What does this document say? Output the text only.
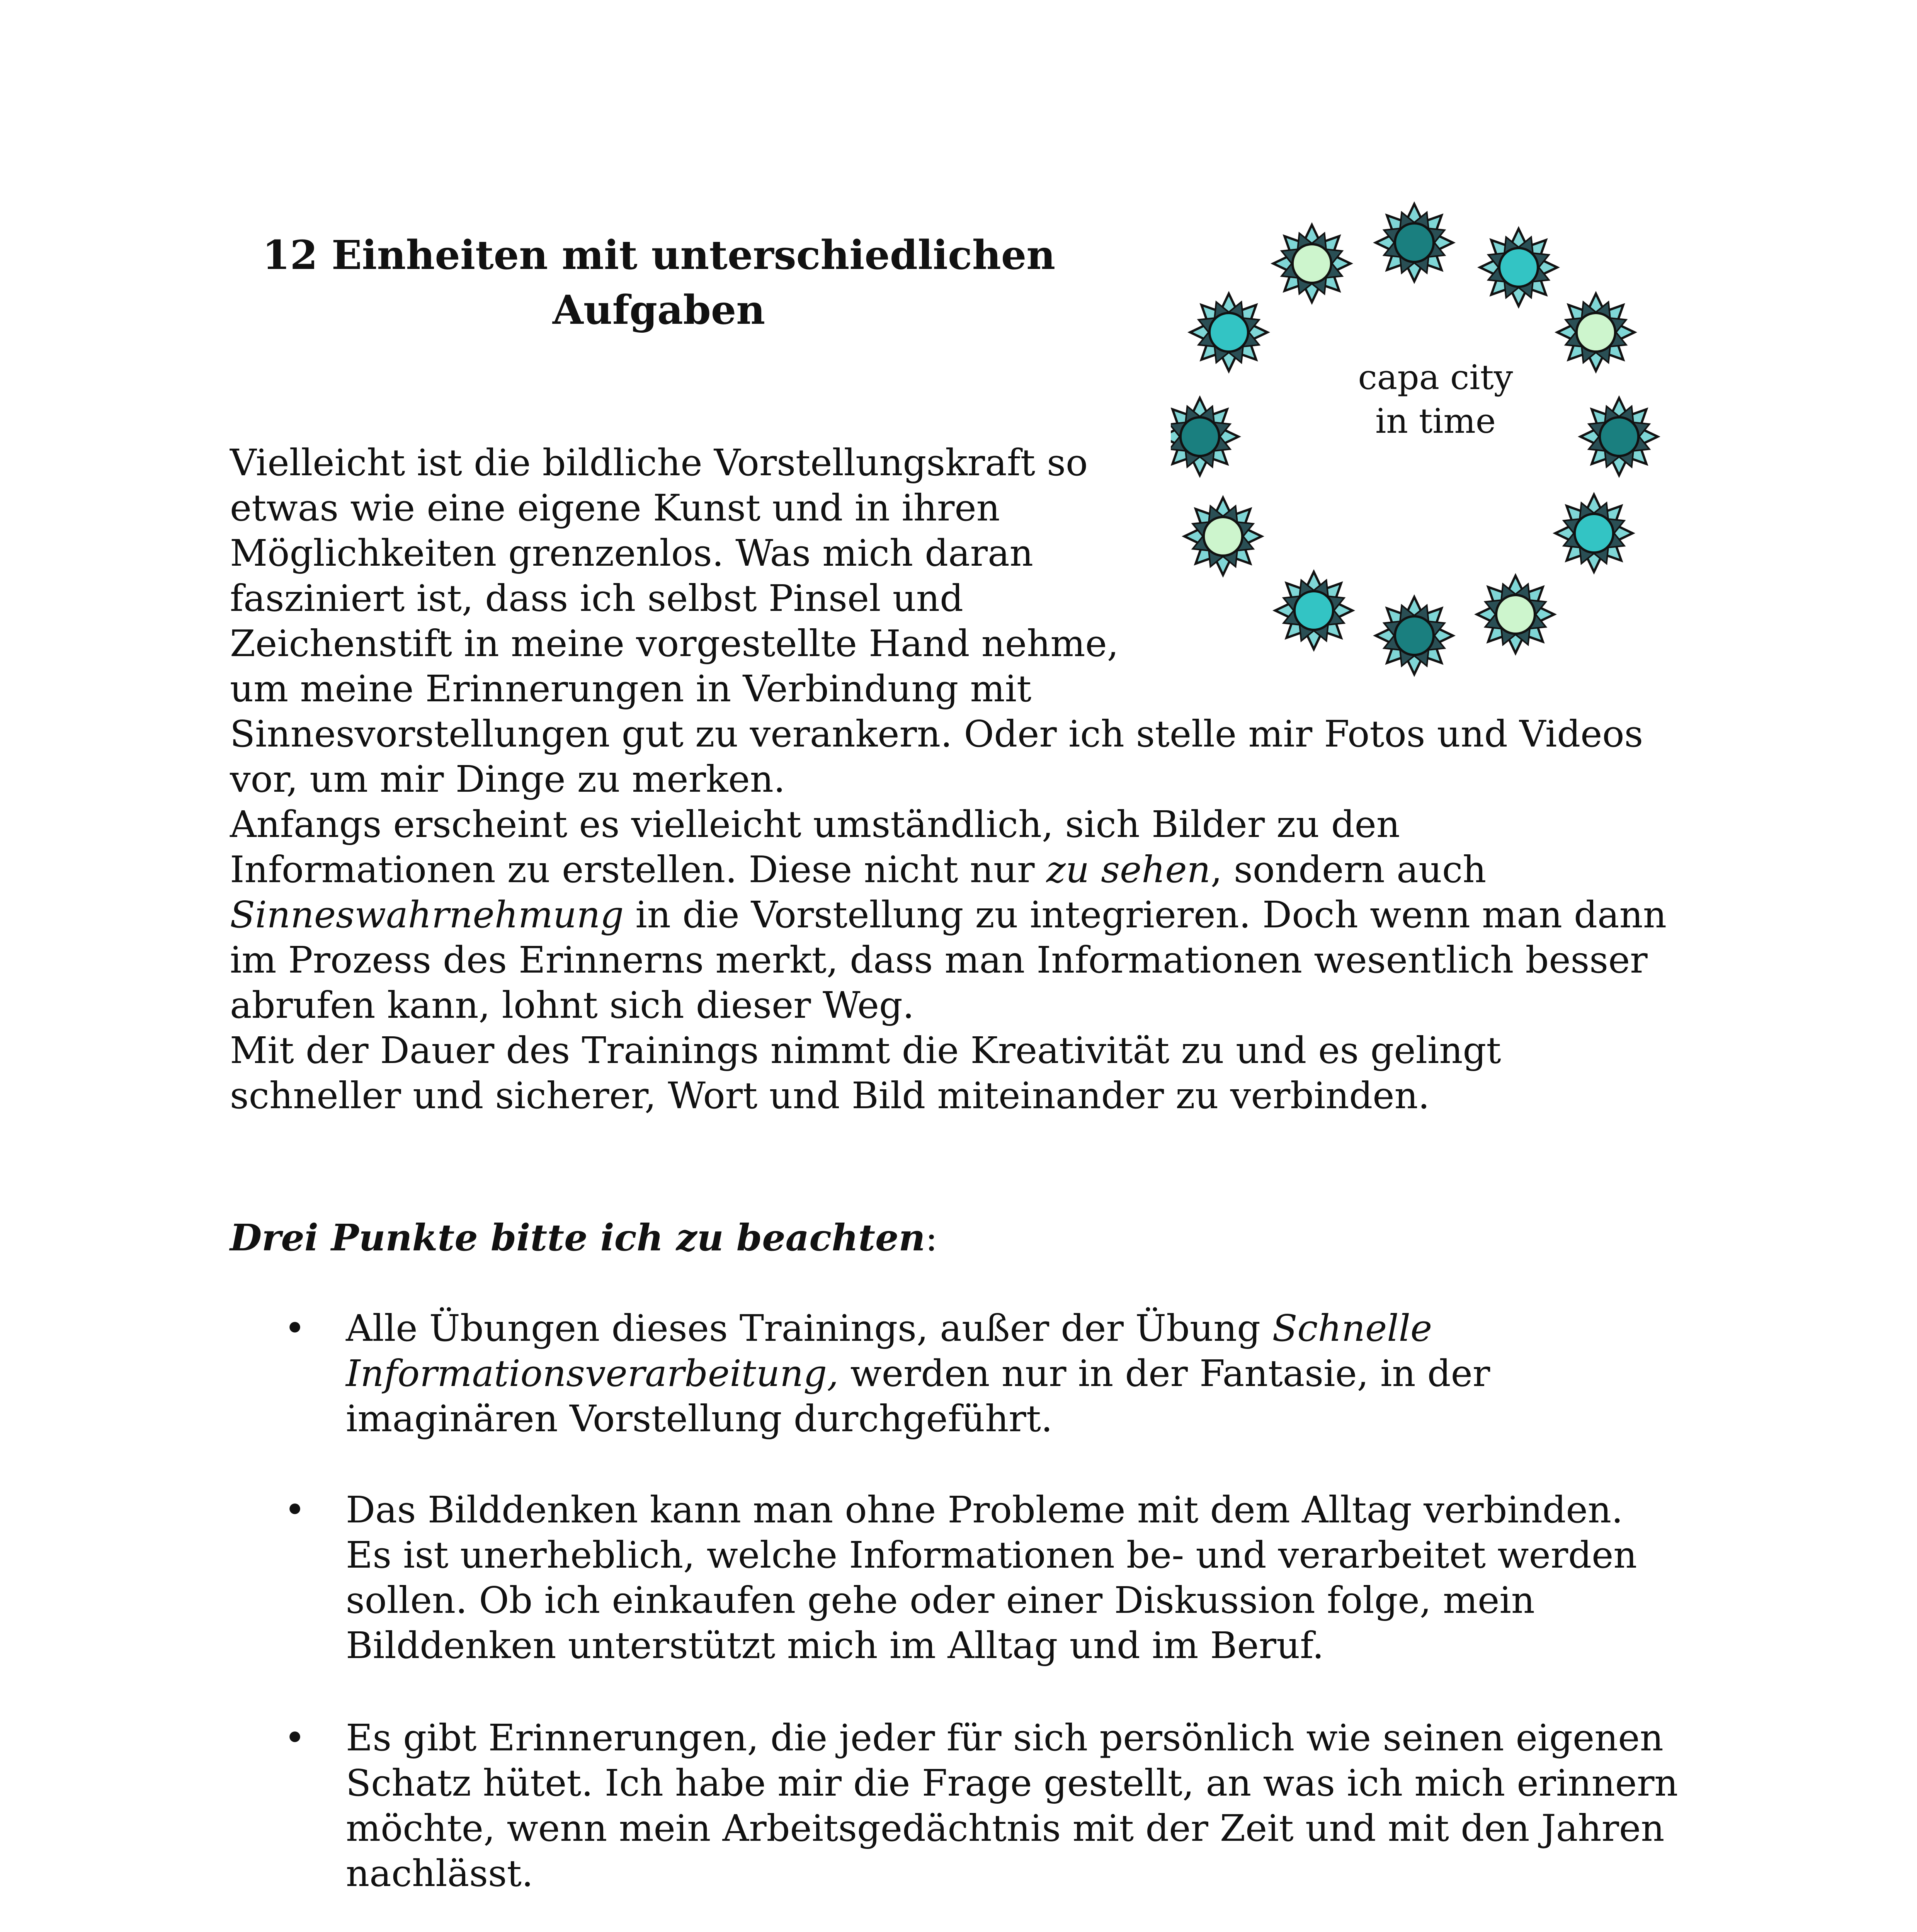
12 Einheiten mit unterschiedlichen
Aufgaben
capa city
in time

Vielleicht ist die bildliche Vorstellungskraft so
etwas wie eine eigene Kunst und in ihren
Möglichkeiten grenzenlos. Was mich daran
fasziniert ist, dass ich selbst Pinsel und
Zeichenstift in meine vorgestellte Hand nehme,
um meine Erinnerungen in Verbindung mit
Sinnesvorstellungen gut zu verankern. Oder ich stelle mir Fotos und Videos
vor, um mir Dinge zu merken.
Anfangs erscheint es vielleicht umständlich, sich Bilder zu den
Informationen zu erstellen. Diese nicht nur zu sehen, sondern auch
Sinneswahrnehmung in die Vorstellung zu integrieren. Doch wenn man dann
im Prozess des Erinnerns merkt, dass man Informationen wesentlich besser
abrufen kann, lohnt sich dieser Weg.
Mit der Dauer des Trainings nimmt die Kreativität zu und es gelingt
schneller und sicherer, Wort und Bild miteinander zu verbinden.

Drei Punkte bitte ich zu beachten:
• Alle Übungen dieses Trainings, außer der Übung Schnelle
Informationsverarbeitung, werden nur in der Fantasie, in der
imaginären Vorstellung durchgeführt.
• Das Bilddenken kann man ohne Probleme mit dem Alltag verbinden.
Es ist unerheblich, welche Informationen be- und verarbeitet werden
sollen. Ob ich einkaufen gehe oder einer Diskussion folge, mein
Bilddenken unterstützt mich im Alltag und im Beruf.
• Es gibt Erinnerungen, die jeder für sich persönlich wie seinen eigenen
Schatz hütet. Ich habe mir die Frage gestellt, an was ich mich erinnern
möchte, wenn mein Arbeitsgedächtnis mit der Zeit und mit den Jahren
nachlässt.
